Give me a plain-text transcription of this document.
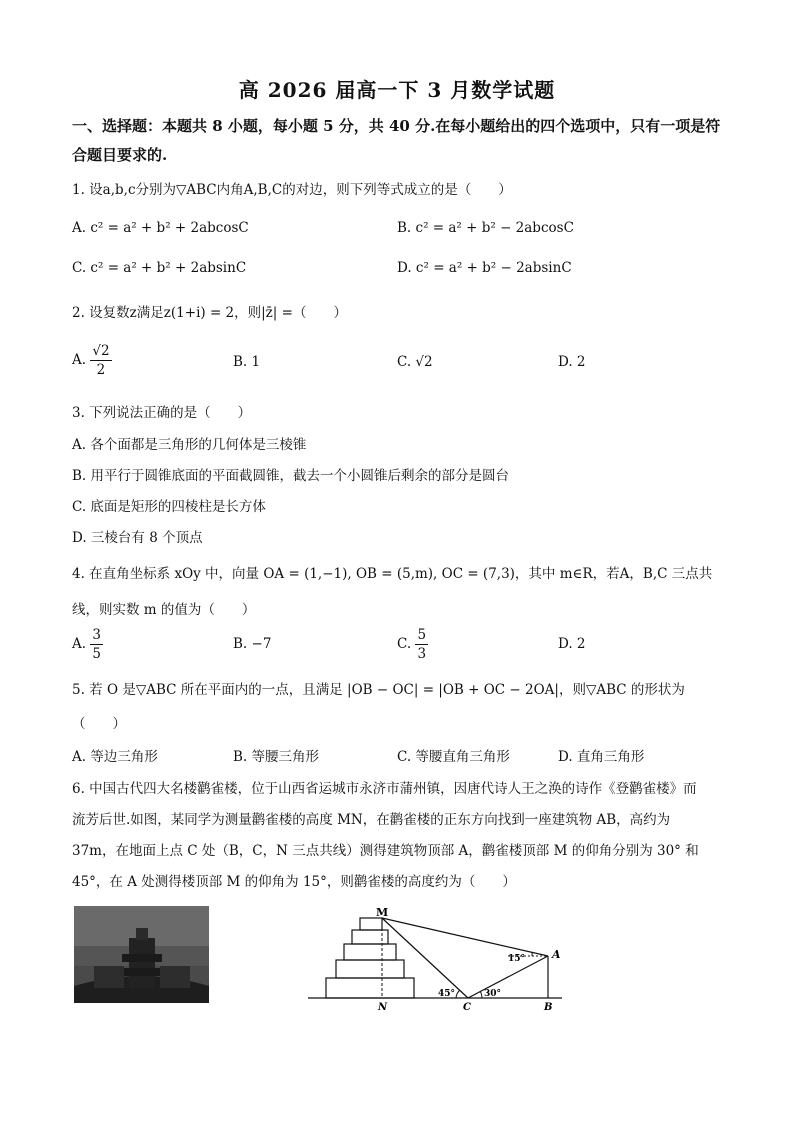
高 2026 届高一下 3 月数学试题
一、选择题：本题共 8 小题，每小题 5 分，共 40 分.在每小题给出的四个选项中，只有一项是符合题目要求的.
1. 设a,b,c分别为▽ABC内角A,B,C的对边，则下列等式成立的是（　　）
A. c² = a² + b² + 2abcosC	B. c² = a² + b² − 2abcosC
C. c² = a² + b² + 2absinC	D. c² = a² + b² − 2absinC
2. 设复数z满足z(1+i) = 2，则|z̄| =（　　）
A. $\frac{√2}{2}$	B. 1	C. √2	D. 2
3. 下列说法正确的是（　　）
A. 各个面都是三角形的几何体是三棱锥
B. 用平行于圆锥底面的平面截圆锥，截去一个小圆锥后剩余的部分是圆台
C. 底面是矩形的四棱柱是长方体
D. 三棱台有 8 个顶点
4. 在直角坐标系 xOy 中，向量 OA = (1,−1), OB = (5,m), OC = (7,3)，其中 m∈R，若A，B,C 三点共
线，则实数 m 的值为（　　）
A. $\frac{3}{5}$	B. −7	C. $\frac{5}{3}$	D. 2
5. 若 O 是▽ABC 所在平面内的一点，且满足 |OB − OC| = |OB + OC − 2OA|，则▽ABC 的形状为
（　　）
A. 等边三角形	B. 等腰三角形	C. 等腰直角三角形	D. 直角三角形
6. 中国古代四大名楼鹳雀楼，位于山西省运城市永济市蒲州镇，因唐代诗人王之涣的诗作《登鹳雀楼》而
流芳后世.如图，某同学为测量鹳雀楼的高度 MN，在鹳雀楼的正东方向找到一座建筑物 AB，高约为
37m，在地面上点 C 处（B，C，N 三点共线）测得建筑物顶部 A，鹳雀楼顶部 M 的仰角分别为 30° 和
45°，在 A 处测得楼顶部 M 的仰角为 15°，则鹳雀楼的高度约为（　　）
M
A
N	C	B
15°
45°	30°
